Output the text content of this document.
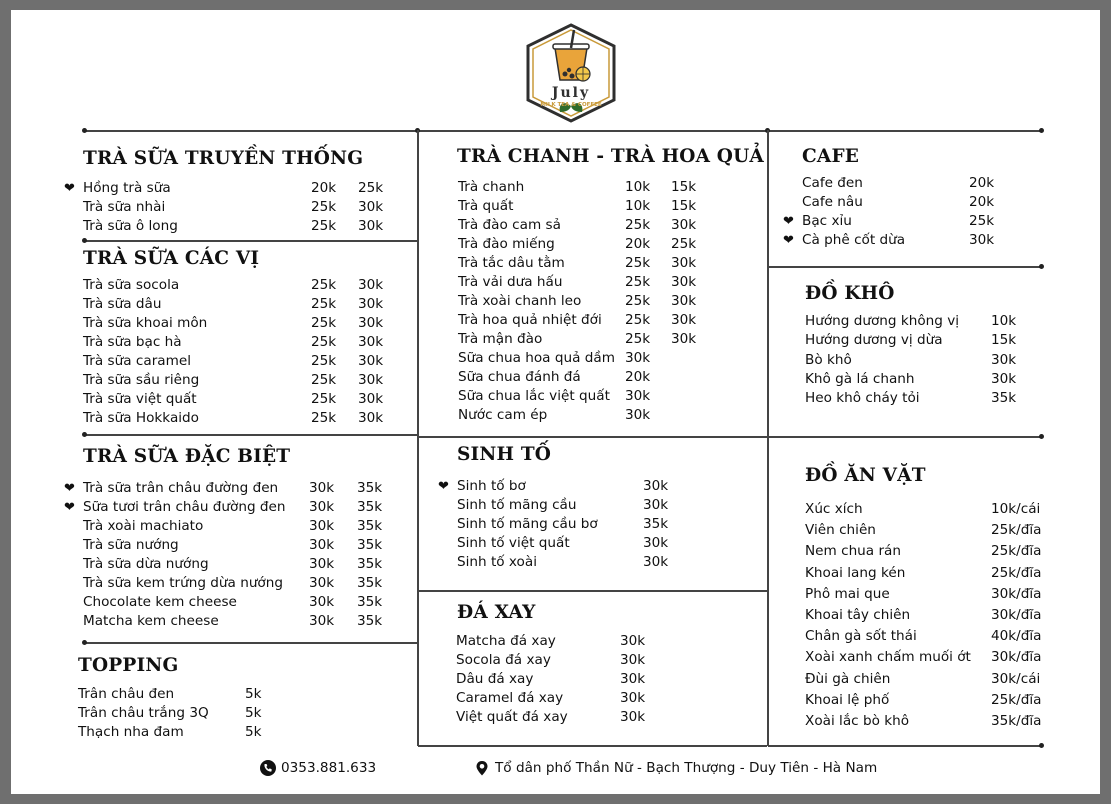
July
MILK TEA & COFFEE
TRÀ SỮA TRUYỀN THỐNG
❤ Hồng trà sữa	20k 25k
Trà sữa nhài	25k 30k
Trà sữa ô long	25k 30k
TRÀ SỮA CÁC VỊ
Trà sữa socola	25k 30k
Trà sữa dâu	25k 30k
Trà sữa khoai môn	25k 30k
Trà sữa bạc hà	25k 30k
Trà sữa caramel	25k 30k
Trà sữa sầu riêng	25k 30k
Trà sữa việt quất	25k 30k
Trà sữa Hokkaido	25k 30k
TRÀ SỮA ĐẶC BIỆT
❤ Trà sữa trân châu đường đen 30k 35k
❤ Sữa tươi trân châu đường đen 30k 35k
Trà xoài machiato	30k 35k
Trà sữa nướng	30k 35k
Trà sữa dừa nướng	30k 35k
Trà sữa kem trứng dừa nướng 30k 35k
Chocolate kem cheese	30k 35k
Matcha kem cheese	30k 35k
TOPPING
Trân châu đen	5k
Trân châu trắng 3Q	5k
Thạch nha đam	5k
TRÀ CHANH - TRÀ HOA QUẢ
Trà chanh	10k 15k
Trà quất	10k 15k
Trà đào cam sả	25k 30k
Trà đào miếng	20k 25k
Trà tắc dâu tằm	25k 30k
Trà vải dưa hấu	25k 30k
Trà xoài chanh leo	25k 30k
Trà hoa quả nhiệt đới 25k 30k
Trà mận đào	25k 30k
Sữa chua hoa quả dầm 30k
Sữa chua đánh đá	20k
Sữa chua lắc việt quất 30k
Nước cam ép	30k
SINH TỐ
❤ Sinh tố bơ	30k
Sinh tố mãng cầu	30k
Sinh tố mãng cầu bơ	35k
Sinh tố việt quất	30k
Sinh tố xoài	30k
ĐÁ XAY
Matcha đá xay	30k
Socola đá xay	30k
Dâu đá xay	30k
Caramel đá xay	30k
Việt quất đá xay	30k
CAFE
Cafe đen	20k
Cafe nâu	20k
❤ Bạc xỉu	25k
❤ Cà phê cốt dừa	30k
ĐỒ KHÔ
Hướng dương không vị 10k
Hướng dương vị dừa	15k
Bò khô	30k
Khô gà lá chanh	30k
Heo khô cháy tỏi	35k
ĐỒ ĂN VẶT
Xúc xích	10k/cái
Viên chiên	25k/đĩa
Nem chua rán	25k/đĩa
Khoai lang kén	25k/đĩa
Phô mai que	30k/đĩa
Khoai tây chiên	30k/đĩa
Chân gà sốt thái	40k/đĩa
Xoài xanh chấm muối ớt 30k/đĩa
Đùi gà chiên	30k/cái
Khoai lệ phố	25k/đĩa
Xoài lắc bò khô	35k/đĩa
0353.881.633	Tổ dân phố Thần Nữ - Bạch Thượng - Duy Tiên - Hà Nam
